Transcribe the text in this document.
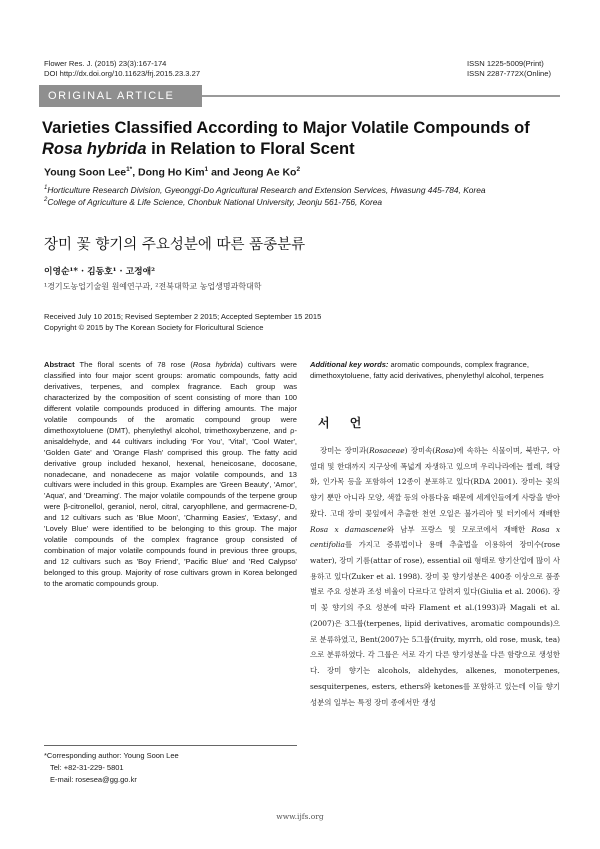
Flower Res. J. (2015) 23(3):167-174
DOI http://dx.doi.org/10.11623/frj.2015.23.3.27
ISSN 1225-5009(Print)
ISSN 2287-772X(Online)
ORIGINAL ARTICLE
Varieties Classified According to Major Volatile Compounds of
Rosa hybrida in Relation to Floral Scent
Young Soon Lee$^{1*}$, Dong Ho Kim$^1$ and Jeong Ae Ko$^2$
$^1$Horticulture Research Division, Gyeonggi-Do Agricultural Research and Extension Services, Hwasung 445-784, Korea
$^2$College of Agriculture & Life Science, Chonbuk National University, Jeonju 561-756, Korea
장미 꽃 향기의 주요성분에 따른 품종분류
이영순¹* · 김동호¹ · 고정애²
¹경기도농업기술원 원예연구과, ²전북대학교 농업생명과학대학
Received July 10 2015; Revised September 2 2015; Accepted September 15 2015
Copyright © 2015 by The Korean Society for Floricultural Science
Abstract The floral scents of 78 rose (Rosa hybrida) cultivars were classified into four major scent groups: aromatic compounds, fatty acid derivatives, terpenes, and complex fragrance. Each group was characterized by the composition of scent consisting of more than 100 different volatile compounds produced in differing amounts. The major volatile compounds of the aromatic compound group were dimethoxytoluene (DMT), phenylethyl alcohol, trimethoxybenzene, and ρ-anisaldehyde, and 44 cultivars including 'For You', 'Vital', 'Cool Water', 'Golden Gate' and 'Orange Flash' comprised this group. The fatty acid derivative group included hexanol, hexenal, heneicosane, docosane, nonadecane, and nonadecene as major volatile compounds, and 13 cultivars were included in this group. Examples are 'Green Beauty', 'Amor', 'Aqua', and 'Dreaming'. The major volatile compounds of the terpene group were β-citronellol, geraniol, nerol, citral, caryophllene, and germacrene-D, and 12 cultivars such as 'Blue Moon', 'Charming Easies', 'Extasy', and 'Lovely Blue' were identified to be belonging to this group. The major volatile compounds of the complex fragrance group consisted of combination of major volatile compounds found in previous three groups, and 12 cultivars such as 'Boy Friend', 'Pacific Blue' and 'Red Calypso' belonged to this group. Majority of rose cultivars grown in Korea belonged to the aromatic compounds group.
Additional key words: aromatic compounds, complex fragrance, dimethoxytoluene, fatty acid derivatives, phenylethyl alcohol, terpenes
서 언
장미는 장미과(Rosaceae) 장미속(Rosa)에 속하는 식물이며, 북반구, 아열대 및 한대까지 지구상에 폭넓게 자생하고 있으며 우리나라에는 찔레, 해당화, 인가목 등을 포함하여 12종이 분포하고 있다(RDA 2001). 장미는 꽃의 향기 뿐만 아니라 모양, 색깔 등의 아름다움 때문에 세계인들에게 사랑을 받아왔다. 고대 장미 꽃잎에서 추출한 천연 오일은 불가리아 및 터키에서 재배한 Rosa x damascene와 남부 프랑스 및 모로코에서 재배한 Rosa x centifolia를 가지고 증류법이나 용매 추출법을 이용하여 장미수(rose water), 장미 기름(attar of rose), essential oil 형태로 향기산업에 많이 사용하고 있다(Zuker et al. 1998). 장미 꽃 향기성분은 400종 이상으로 품종 별로 주요 성분과 조성 비율이 다르다고 알려져 있다(Giulia et al. 2006). 장미 꽃 향기의 주요 성분에 따라 Flament et al.(1993)과 Magali et al.(2007)은 3그룹(terpenes, lipid derivatives, aromatic compounds)으로 분류하였고, Bent(2007)는 5그룹(fruity, myrrh, old rose, musk, tea)으로 분류하였다. 각 그룹은 서로 각기 다른 향기성분을 다른 함량으로 생성한다. 장미 향기는 alcohols, aldehydes, alkenes, monoterpenes, sesquiterpenes, esters, ethers와 ketones를 포함하고 있는데 이들 향기 성분의 일부는 특정 장미 종에서만 생성
*Corresponding author: Young Soon Lee
Tel: +82-31-229- 5801
E-mail: rosesea@gg.go.kr
www.ijfs.org
